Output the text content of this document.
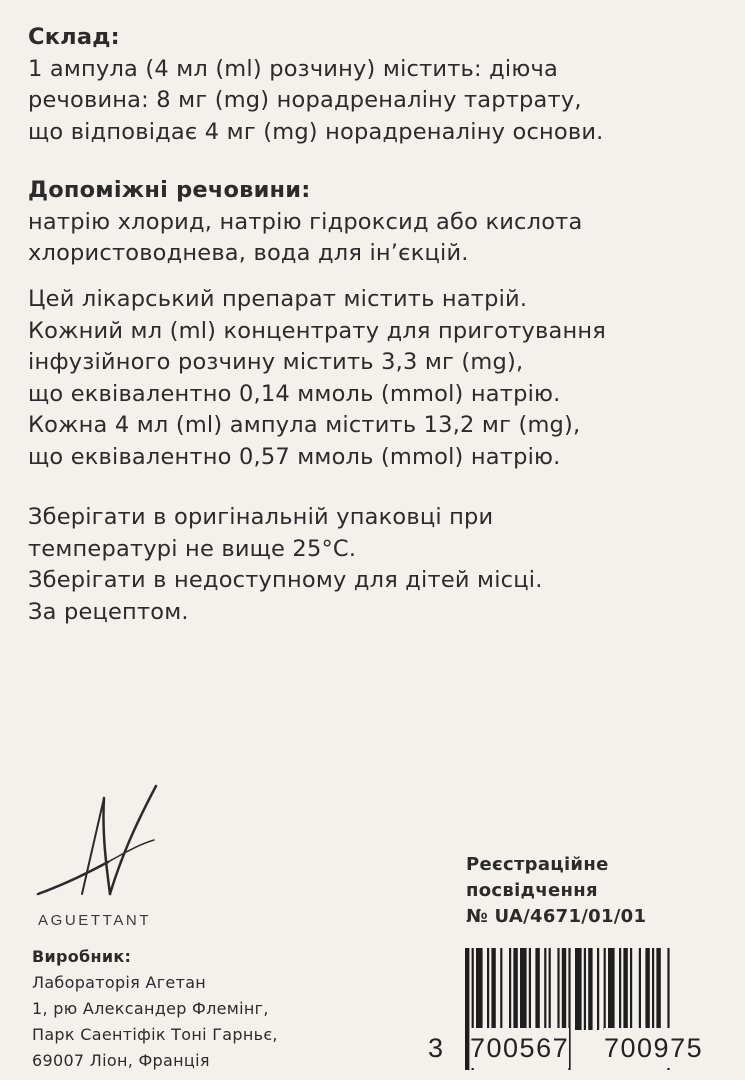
Склад:
1 ампула (4 мл (ml) розчину) містить: діюча
речовина: 8 мг (mg) норадреналіну тартрату,
що відповідає 4 мг (mg) норадреналіну основи.
Допоміжні речовини:
натрію хлорид, натрію гідроксид або кислота
хлористоводнева, вода для ін’єкцій.
Цей лікарський препарат містить натрій.
Кожний мл (ml) концентрату для приготування
інфузійного розчину містить 3,3 мг (mg),
що еквівалентно 0,14 ммоль (mmol) натрію.
Кожна 4 мл (ml) ампула містить 13,2 мг (mg),
що еквівалентно 0,57 ммоль (mmol) натрію.
Зберігати в оригінальній упаковці при
температурі не вище 25°С.
Зберігати в недоступному для дітей місці.
За рецептом.
AGUETTANT
Виробник:
Лабораторія Агетан
1, рю Александер Флемінг,
Парк Саентіфік Тоні Гарньє,
69007 Ліон, Франція
Реєстраційне
посвідчення
№ UA/4671/01/01
3 700567 700975
